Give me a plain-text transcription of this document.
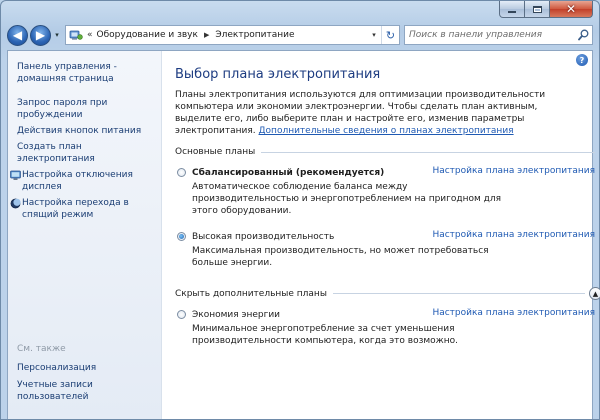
✕
◀ ▶ ▾	« Оборудование и звук ▶ Электропитание	▾ ↻ Поиск в панели управления
Панель управления - домашняя страница
Запрос пароля при пробуждении
Действия кнопок питания
Создать план электропитания
Настройка отключения дисплея
Настройка перехода в спящий режим
См. также
Персонализация
Учетные записи пользователей
?
Выбор плана электропитания
Планы электропитания используются для оптимизации производительности компьютера или экономии электроэнергии. Чтобы сделать план активным, выделите его, либо выберите план и настройте его, изменив параметры электропитания. Дополнительные сведения о планах электропитания
Основные планы
Сбалансированный (рекомендуется)	Настройка плана электропитания
Автоматическое соблюдение баланса между производительностью и энергопотреблением на пригодном для этого оборудовании.
Высокая производительность	Настройка плана электропитания
Максимальная производительность, но может потребоваться больше энергии.
Скрыть дополнительные планы	▲
Экономия энергии	Настройка плана электропитания
Минимальное энергопотребление за счет уменьшения производительности компьютера, когда это возможно.
